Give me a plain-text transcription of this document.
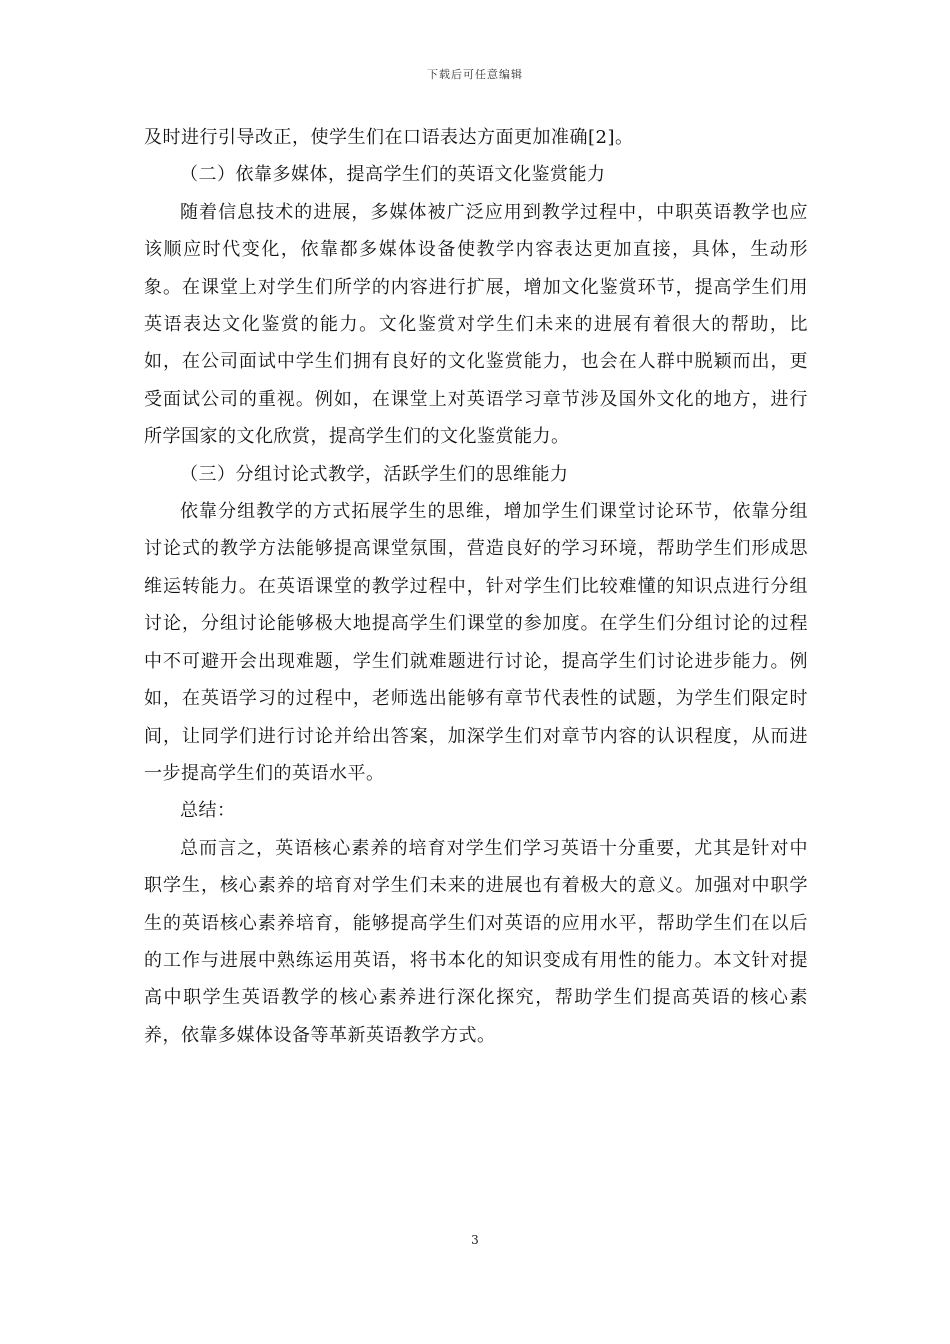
下载后可任意编辑

及时进行引导改正，使学生们在口语表达方面更加准确[2]。

（二）依靠多媒体，提高学生们的英语文化鉴赏能力

随着信息技术的进展，多媒体被广泛应用到教学过程中，中职英语教学也应该顺应时代变化，依靠都多媒体设备使教学内容表达更加直接，具体，生动形象。在课堂上对学生们所学的内容进行扩展，增加文化鉴赏环节，提高学生们用英语表达文化鉴赏的能力。文化鉴赏对学生们未来的进展有着很大的帮助，比如，在公司面试中学生们拥有良好的文化鉴赏能力，也会在人群中脱颖而出，更受面试公司的重视。例如，在课堂上对英语学习章节涉及国外文化的地方，进行所学国家的文化欣赏，提高学生们的文化鉴赏能力。

（三）分组讨论式教学，活跃学生们的思维能力

依靠分组教学的方式拓展学生的思维，增加学生们课堂讨论环节，依靠分组讨论式的教学方法能够提高课堂氛围，营造良好的学习环境，帮助学生们形成思维运转能力。在英语课堂的教学过程中，针对学生们比较难懂的知识点进行分组讨论，分组讨论能够极大地提高学生们课堂的参加度。在学生们分组讨论的过程中不可避开会出现难题，学生们就难题进行讨论，提高学生们讨论进步能力。例如，在英语学习的过程中，老师选出能够有章节代表性的试题，为学生们限定时间，让同学们进行讨论并给出答案，加深学生们对章节内容的认识程度，从而进一步提高学生们的英语水平。

总结：

总而言之，英语核心素养的培育对学生们学习英语十分重要，尤其是针对中职学生，核心素养的培育对学生们未来的进展也有着极大的意义。加强对中职学生的英语核心素养培育，能够提高学生们对英语的应用水平，帮助学生们在以后的工作与进展中熟练运用英语，将书本化的知识变成有用性的能力。本文针对提高中职学生英语教学的核心素养进行深化探究，帮助学生们提高英语的核心素养，依靠多媒体设备等革新英语教学方式。

3
